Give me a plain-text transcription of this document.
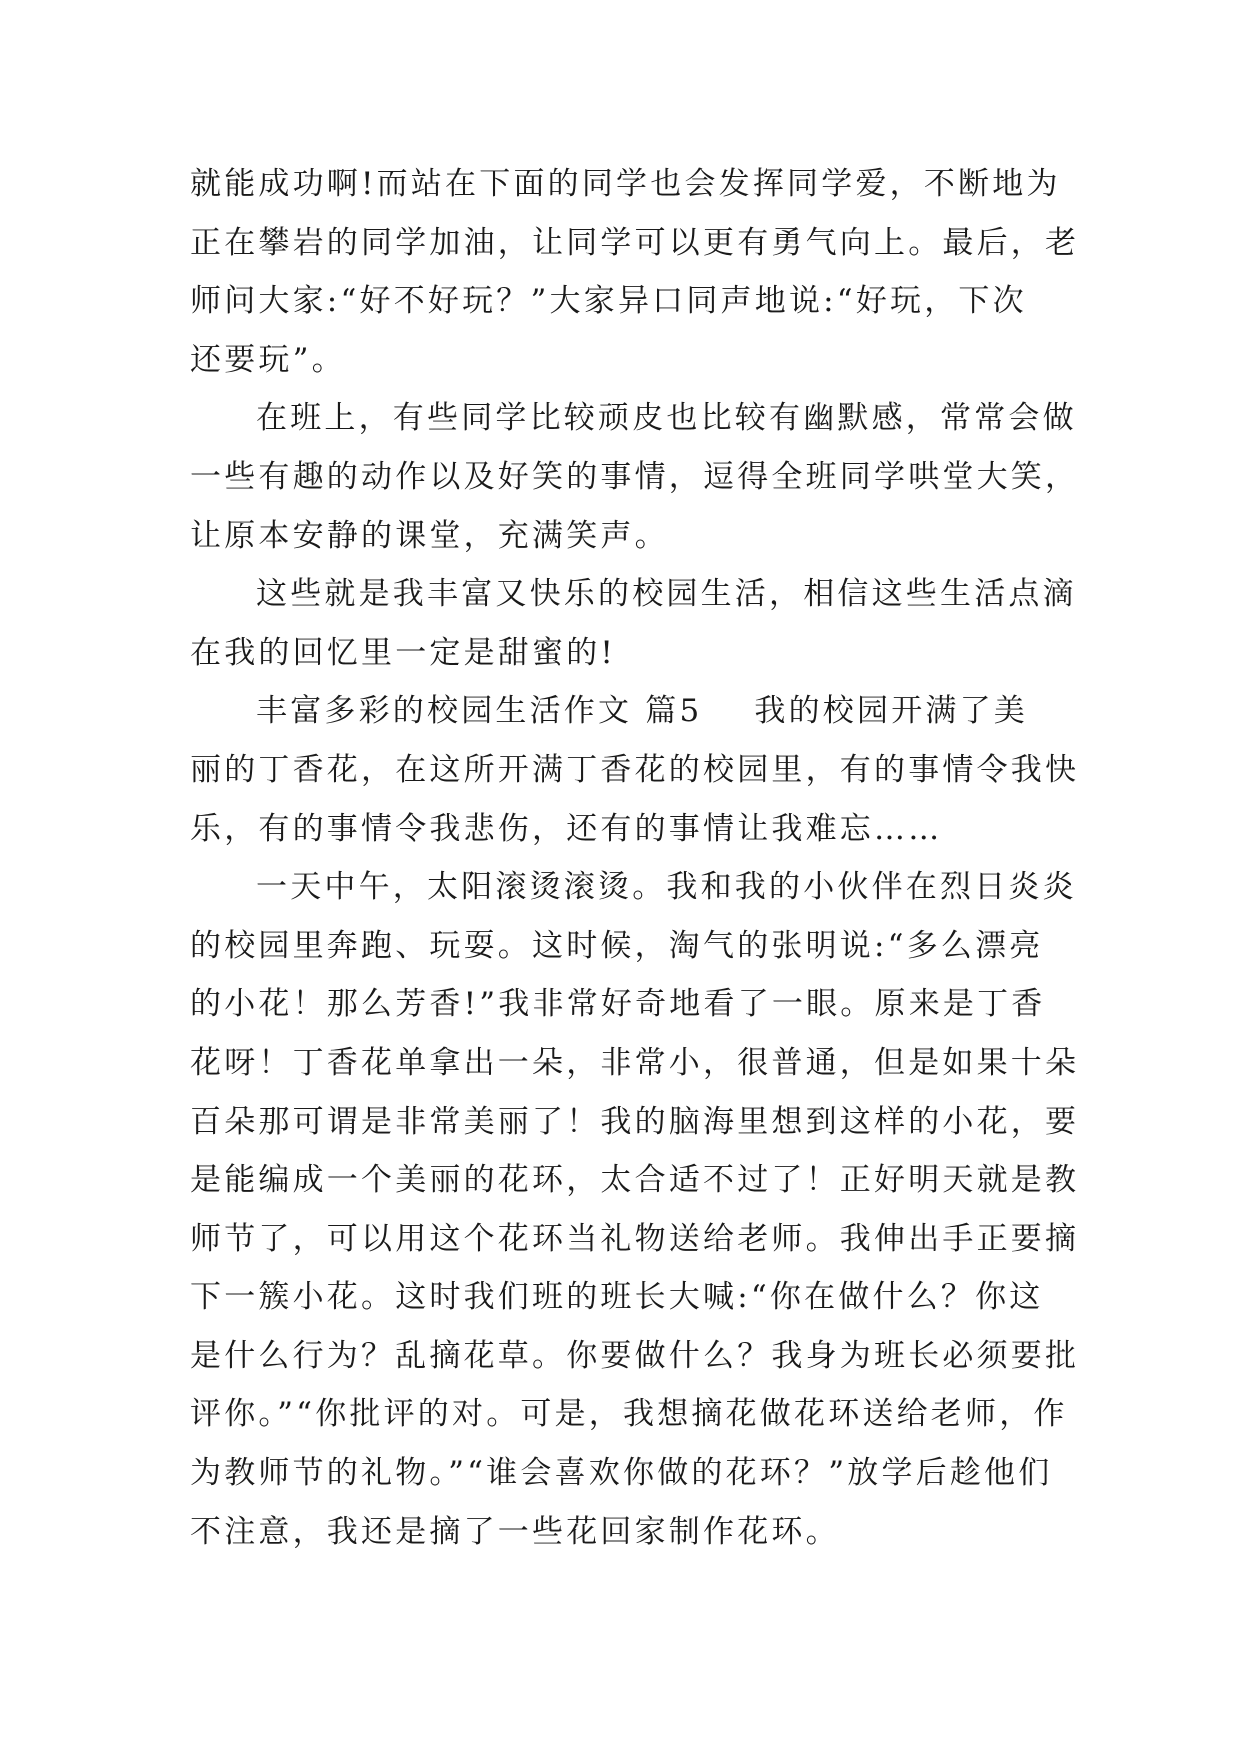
就能成功啊!而站在下面的同学也会发挥同学爱，不断地为
正在攀岩的同学加油，让同学可以更有勇气向上。最后，老
师问大家:“好不好玩？”大家异口同声地说:“好玩，下次
还要玩”。
在班上，有些同学比较顽皮也比较有幽默感，常常会做
一些有趣的动作以及好笑的事情，逗得全班同学哄堂大笑，
让原本安静的课堂，充满笑声。
这些就是我丰富又快乐的校园生活，相信这些生活点滴
在我的回忆里一定是甜蜜的!
丰富多彩的校园生活作文 篇5 我的校园开满了美
丽的丁香花，在这所开满丁香花的校园里，有的事情令我快
乐，有的事情令我悲伤，还有的事情让我难忘……
一天中午，太阳滚烫滚烫。我和我的小伙伴在烈日炎炎
的校园里奔跑、玩耍。这时候，淘气的张明说:“多么漂亮
的小花！那么芳香!”我非常好奇地看了一眼。原来是丁香
花呀！丁香花单拿出一朵，非常小，很普通，但是如果十朵
百朵那可谓是非常美丽了！我的脑海里想到这样的小花，要
是能编成一个美丽的花环，太合适不过了！正好明天就是教
师节了，可以用这个花环当礼物送给老师。我伸出手正要摘
下一簇小花。这时我们班的班长大喊:“你在做什么？你这
是什么行为？乱摘花草。你要做什么？我身为班长必须要批
评你。”“你批评的对。可是，我想摘花做花环送给老师，作
为教师节的礼物。”“谁会喜欢你做的花环？”放学后趁他们
不注意，我还是摘了一些花回家制作花环。
